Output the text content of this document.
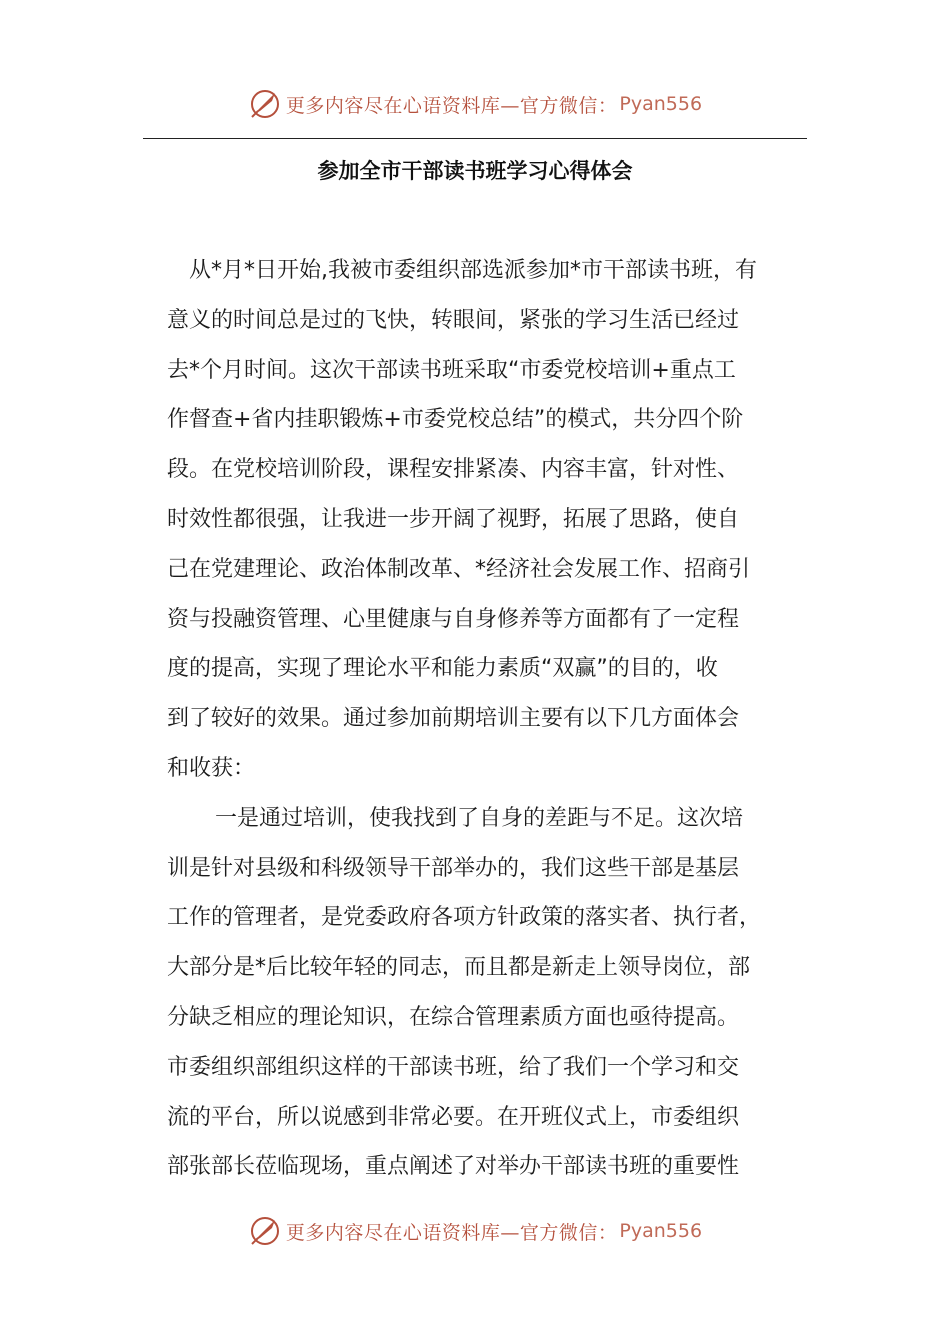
更多内容尽在心语资料库—官方微信： Pyan556
参加全市干部读书班学习心得体会
从*月*日开始,我被市委组织部选派参加*市干部读书班，有
意义的时间总是过的飞快，转眼间，紧张的学习生活已经过
去*个月时间。这次干部读书班采取“市委党校培训+重点工
作督查+省内挂职锻炼+市委党校总结”的模式，共分四个阶
段。在党校培训阶段，课程安排紧凑、内容丰富，针对性、
时效性都很强，让我进一步开阔了视野，拓展了思路，使自
己在党建理论、政治体制改革、*经济社会发展工作、招商引
资与投融资管理、心里健康与自身修养等方面都有了一定程
度的提高，实现了理论水平和能力素质“双赢”的目的，收
到了较好的效果。通过参加前期培训主要有以下几方面体会
和收获：
一是通过培训，使我找到了自身的差距与不足。这次培
训是针对县级和科级领导干部举办的，我们这些干部是基层
工作的管理者，是党委政府各项方针政策的落实者、执行者，
大部分是*后比较年轻的同志，而且都是新走上领导岗位，部
分缺乏相应的理论知识，在综合管理素质方面也亟待提高。
市委组织部组织这样的干部读书班，给了我们一个学习和交
流的平台，所以说感到非常必要。在开班仪式上，市委组织
部张部长莅临现场，重点阐述了对举办干部读书班的重要性
更多内容尽在心语资料库—官方微信： Pyan556
